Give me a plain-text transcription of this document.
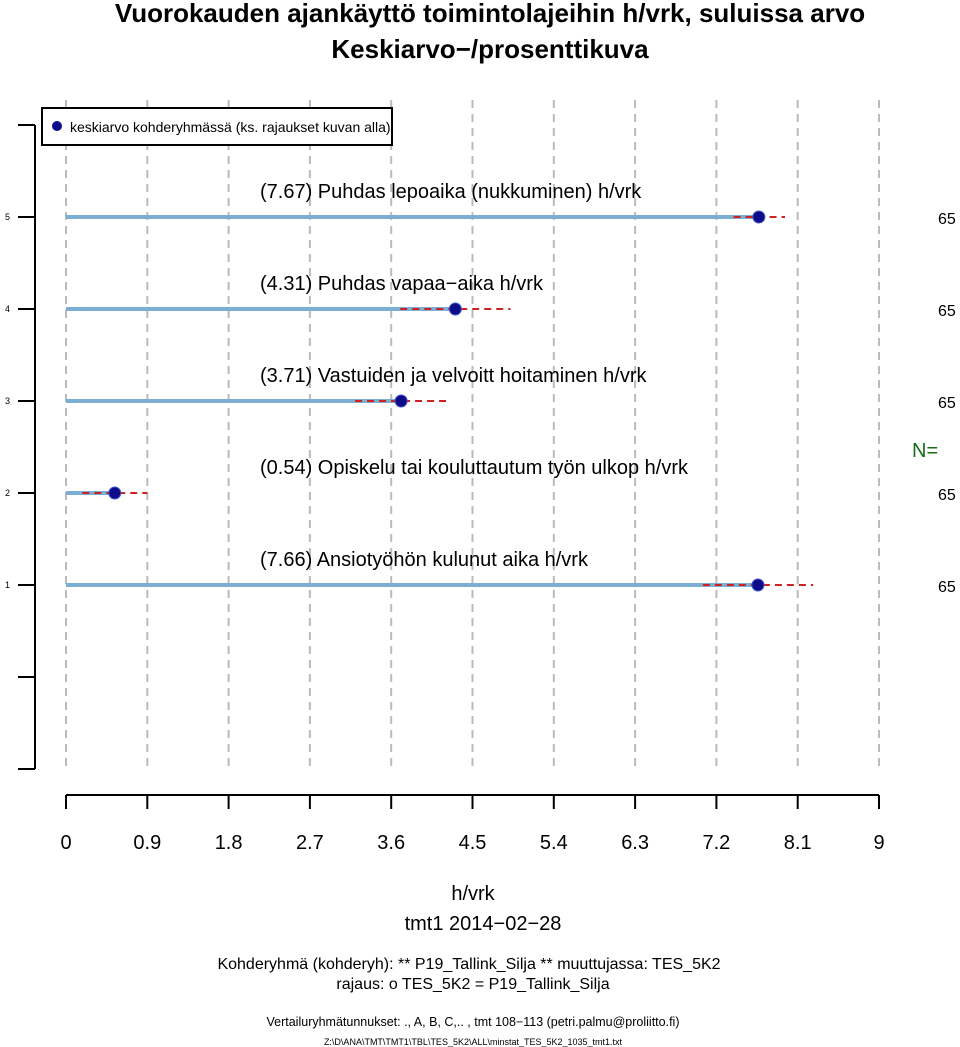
Vuorokauden ajankäyttö toimintolajeihin h/vrk, suluissa arvo
Keskiarvo−/prosenttikuva
1
2
3
4
5
(7.67) Puhdas lepoaika (nukkuminen) h/vrk
65
(4.31) Puhdas vapaa−aika h/vrk
65
(3.71) Vastuiden ja velvoitt hoitaminen h/vrk
65
(0.54) Opiskelu tai kouluttautum työn ulkop h/vrk
65
(7.66) Ansiotyöhön kulunut aika h/vrk
65
0	0.9	1.8	2.7	3.6	4.5	5.4	6.3	7.2	8.1	9
keskiarvo kohderyhmässä (ks. rajaukset kuvan alla)
N=
h/vrk
tmt1 2014−02−28
Kohderyhmä (kohderyh): ** P19_Tallink_Silja ** muuttujassa: TES_5K2
rajaus: o TES_5K2 = P19_Tallink_Silja
Vertailuryhmätunnukset: ., A, B, C,.. , tmt 108−113 (petri.palmu@proliitto.fi)
Z:\D\ANA\TMT\TMT1\TBL\TES_5K2\ALL\minstat_TES_5K2_1035_tmt1.txt
